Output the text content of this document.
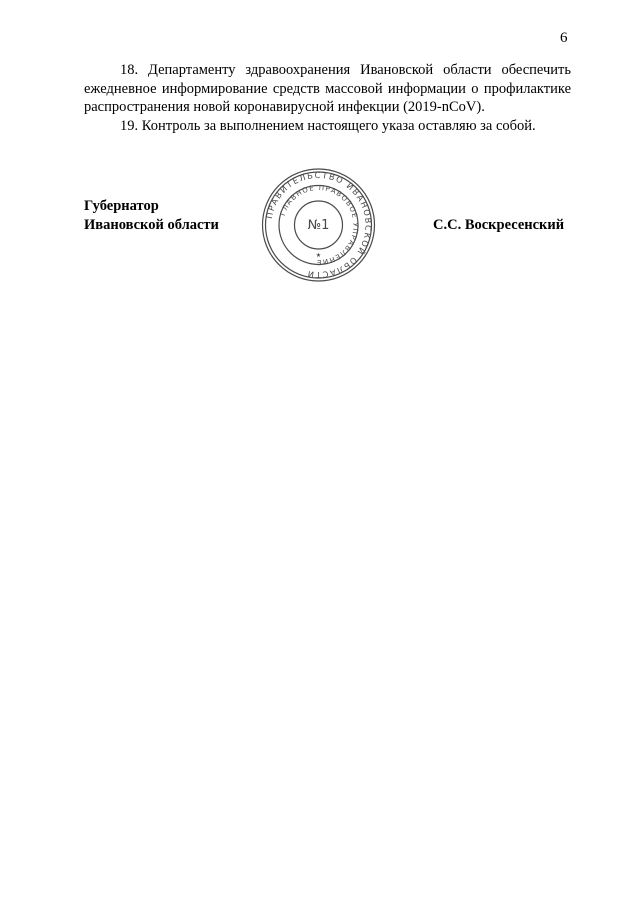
6

18. Департаменту здравоохранения Ивановской области обеспечить ежедневное информирование средств массовой информации о профилактике распространения новой коронавирусной инфекции (2019-nCoV).

19. Контроль за выполнением настоящего указа оставляю за собой.

Губернатор
Ивановской области	С.С. Воскресенский
ПРАВИТЕЛЬСТВО ИВАНОВСКОЙ ОБЛАСТИ
ГЛАВНОЕ ПРАВОВОЕ УПРАВЛЕНИЕ
№1
★
